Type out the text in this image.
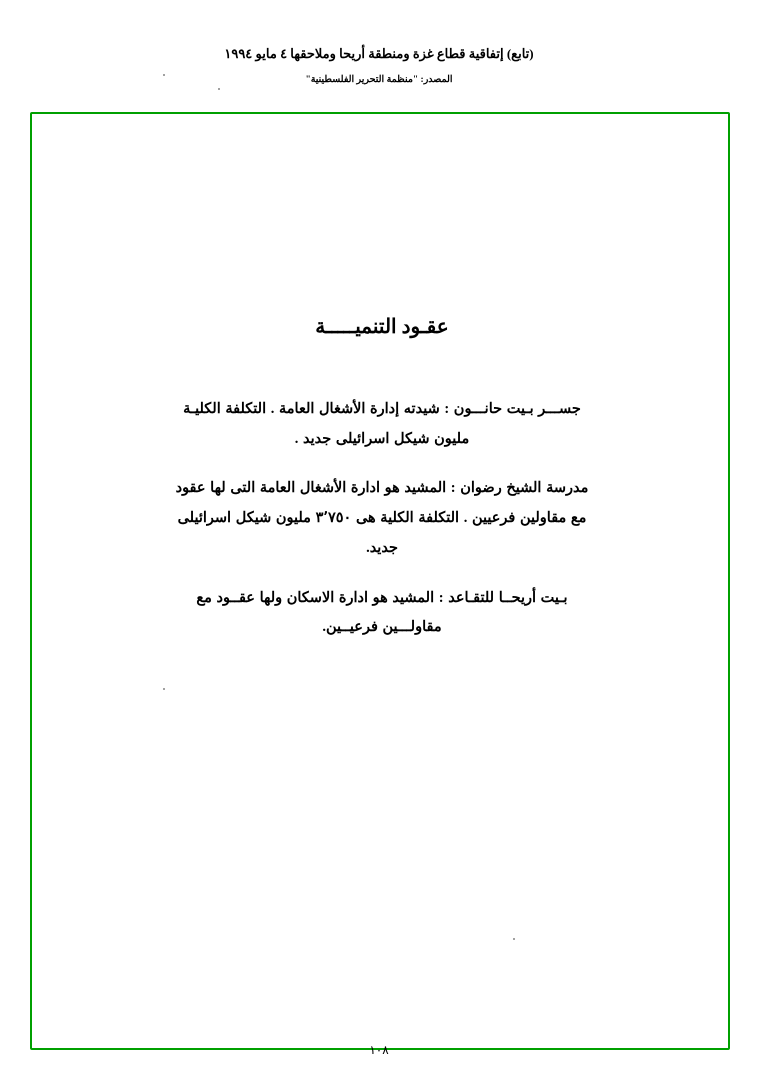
(تابع) إتفاقية قطاع غزة ومنطقة أريحا وملاحقها ٤ مايو ١٩٩٤
المصدر: "منظمة التحرير الفلسطينية"
عقـود التنميـــــة
جســـر بـيت حانـــون : شيدته إدارة الأشغال العامة . التكلفة الكليـة مليون شيكل اسرائيلى جديد .
مدرسة الشيخ رضوان : المشيد هو ادارة الأشغال العامة التى لها عقود مع مقاولين فرعيين . التكلفة الكلية هى ٣٬٧٥٠ مليون شيكل اسرائيلى جديد.
بـيت أريحــا للتقـاعد : المشيد هو ادارة الاسكان ولها عقــود مع مقاولـــين فرعيــين.
١٠٨
